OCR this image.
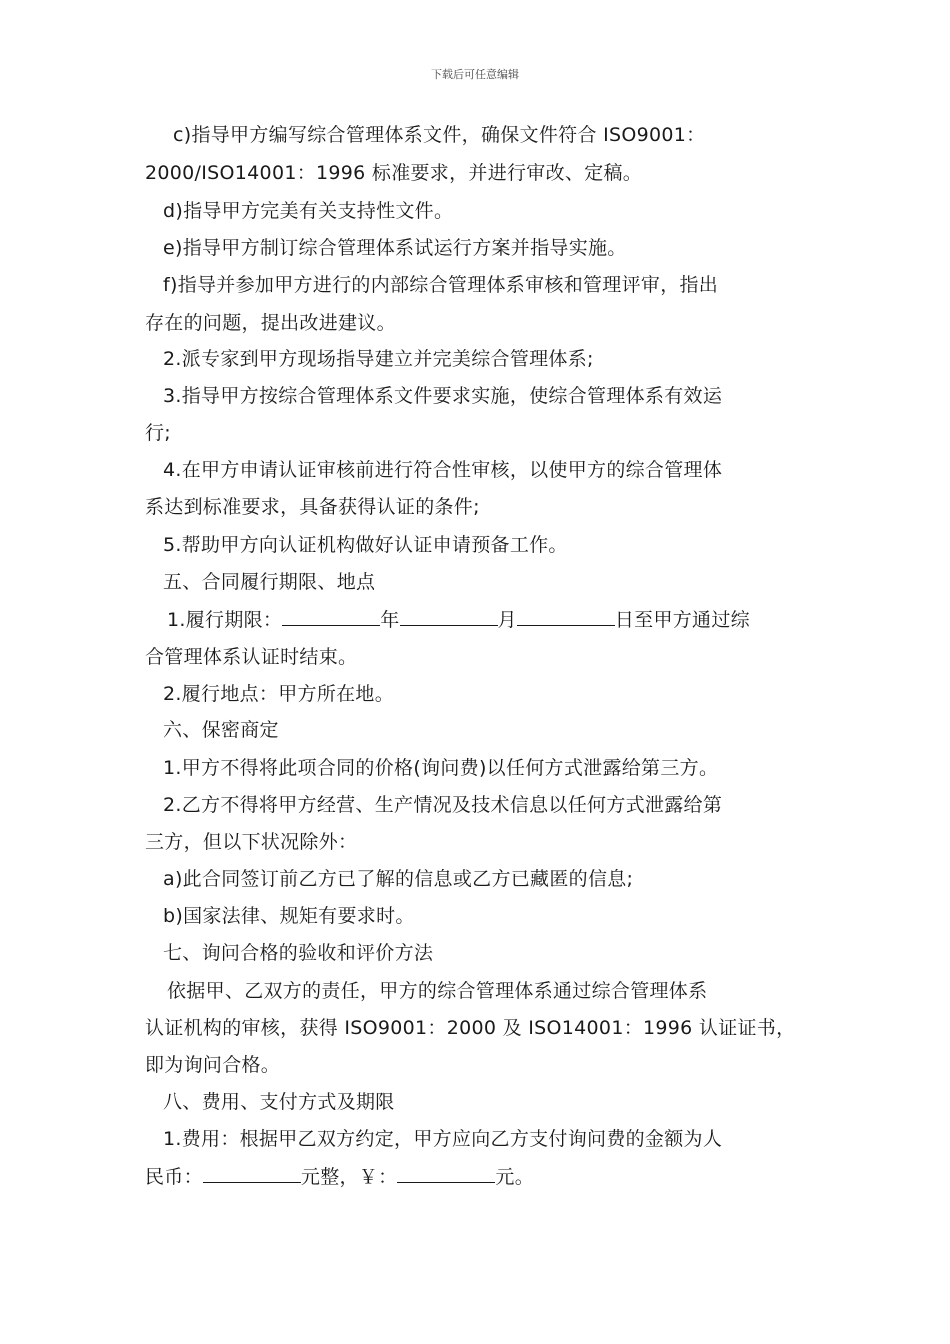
下载后可任意编辑
c)指导甲方编写综合管理体系文件，确保文件符合 ISO9001：
2000/ISO14001：1996 标准要求，并进行审改、定稿。
d)指导甲方完美有关支持性文件。
e)指导甲方制订综合管理体系试运行方案并指导实施。
f)指导并参加甲方进行的内部综合管理体系审核和管理评审，指出
存在的问题，提出改进建议。
2.派专家到甲方现场指导建立并完美综合管理体系;
3.指导甲方按综合管理体系文件要求实施，使综合管理体系有效运
行;
4.在甲方申请认证审核前进行符合性审核，以使甲方的综合管理体
系达到标准要求，具备获得认证的条件;
5.帮助甲方向认证机构做好认证申请预备工作。
五、合同履行期限、地点
1.履行期限：	年	月	日至甲方通过综
合管理体系认证时结束。
2.履行地点：甲方所在地。
六、保密商定
1.甲方不得将此项合同的价格(询问费)以任何方式泄露给第三方。
2.乙方不得将甲方经营、生产情况及技术信息以任何方式泄露给第
三方，但以下状况除外：
a)此合同签订前乙方已了解的信息或乙方已藏匿的信息;
b)国家法律、规矩有要求时。
七、询问合格的验收和评价方法
依据甲、乙双方的责任，甲方的综合管理体系通过综合管理体系
认证机构的审核，获得 ISO9001：2000 及 ISO14001：1996 认证证书，
即为询问合格。
八、费用、支付方式及期限
1.费用：根据甲乙双方约定，甲方应向乙方支付询问费的金额为人
民币：	元整，￥：	元。
